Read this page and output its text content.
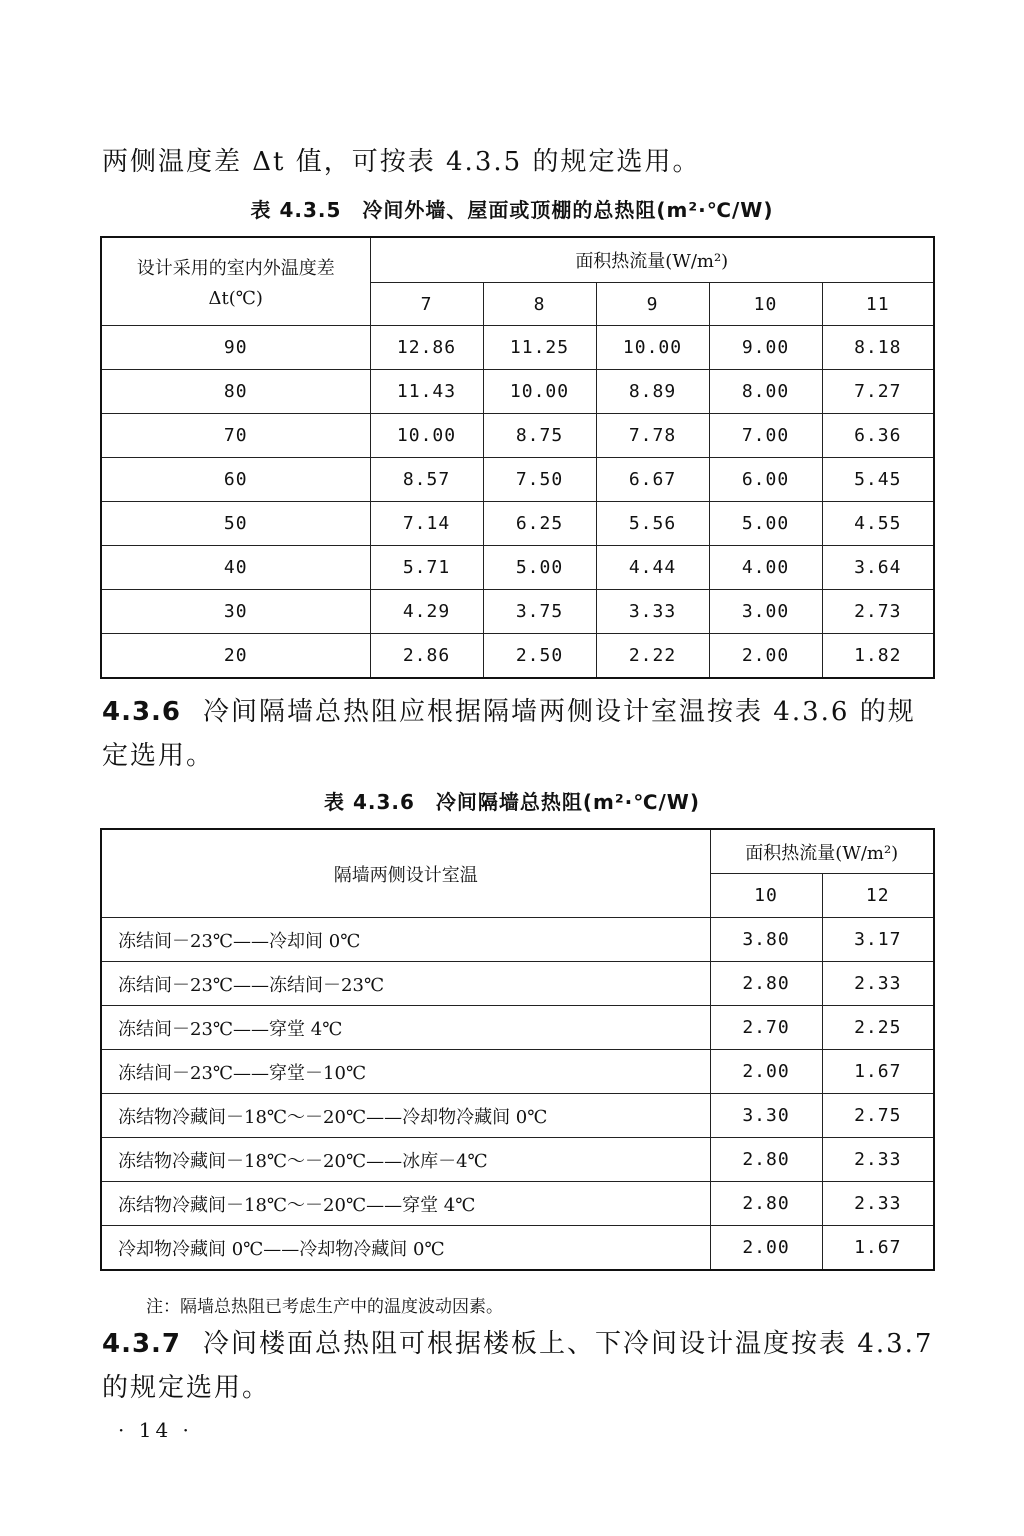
两侧温度差 Δt 值，可按表 4.3.5 的规定选用。

表 4.3.5　冷间外墙、屋面或顶棚的总热阻(m²·℃/W)

设计采用的室内外温度差
Δt(℃)	面积热流量(W/m²)				
	7	8	9	10	11
90	12.86	11.25	10.00	9.00	8.18
80	11.43	10.00	8.89	8.00	7.27
70	10.00	8.75	7.78	7.00	6.36
60	8.57	7.50	6.67	6.00	5.45
50	7.14	6.25	5.56	5.00	4.55
40	5.71	5.00	4.44	4.00	3.64
30	4.29	3.75	3.33	3.00	2.73
20	2.86	2.50	2.22	2.00	1.82

4.3.6 冷间隔墙总热阻应根据隔墙两侧设计室温按表 4.3.6 的规定选用。

表 4.3.6　冷间隔墙总热阻(m²·℃/W)

隔墙两侧设计室温	面积热流量(W/m²)	
	10	12
冻结间－23℃——冷却间 0℃	3.80	3.17
冻结间－23℃——冻结间－23℃	2.80	2.33
冻结间－23℃——穿堂 4℃	2.70	2.25
冻结间－23℃——穿堂－10℃	2.00	1.67
冻结物冷藏间－18℃～－20℃——冷却物冷藏间 0℃	3.30	2.75
冻结物冷藏间－18℃～－20℃——冰库－4℃	2.80	2.33
冻结物冷藏间－18℃～－20℃——穿堂 4℃	2.80	2.33
冷却物冷藏间 0℃——冷却物冷藏间 0℃	2.00	1.67

注：隔墙总热阻已考虑生产中的温度波动因素。

4.3.7 冷间楼面总热阻可根据楼板上、下冷间设计温度按表 4.3.7的规定选用。

· 14 ·
